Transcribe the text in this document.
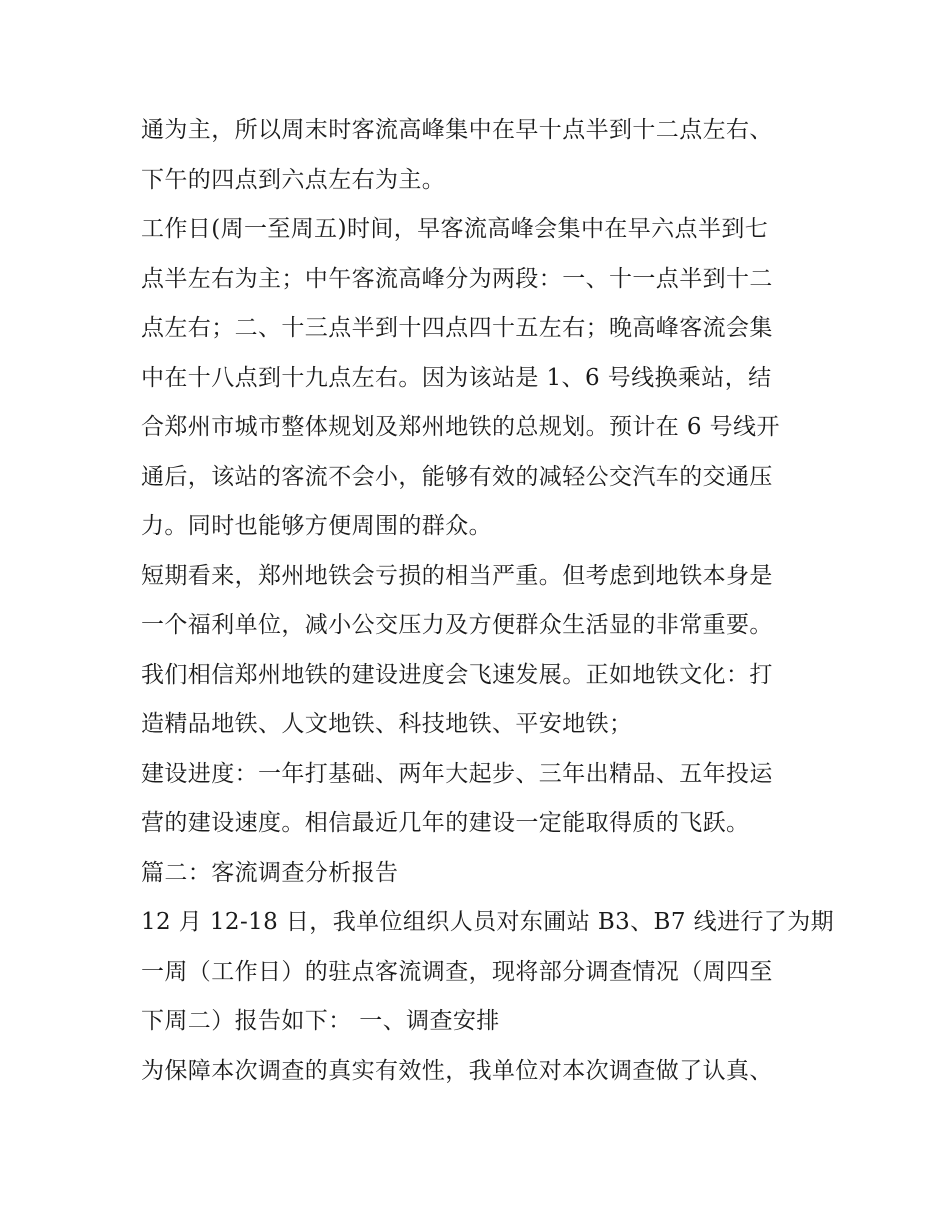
通为主，所以周末时客流高峰集中在早十点半到十二点左右、
下午的四点到六点左右为主。
工作日(周一至周五)时间，早客流高峰会集中在早六点半到七
点半左右为主；中午客流高峰分为两段：一、十一点半到十二
点左右；二、十三点半到十四点四十五左右；晚高峰客流会集
中在十八点到十九点左右。因为该站是 1、6 号线换乘站，结
合郑州市城市整体规划及郑州地铁的总规划。预计在 6 号线开
通后，该站的客流不会小，能够有效的减轻公交汽车的交通压
力。同时也能够方便周围的群众。
短期看来，郑州地铁会亏损的相当严重。但考虑到地铁本身是
一个福利单位，减小公交压力及方便群众生活显的非常重要。
我们相信郑州地铁的建设进度会飞速发展。正如地铁文化：打
造精品地铁、人文地铁、科技地铁、平安地铁；
建设进度：一年打基础、两年大起步、三年出精品、五年投运
营的建设速度。相信最近几年的建设一定能取得质的飞跃。
篇二：客流调查分析报告
12 月 12-18 日，我单位组织人员对东圃站 B3、B7 线进行了为期
一周（工作日）的驻点客流调查，现将部分调查情况（周四至
下周二）报告如下： 一、调查安排
为保障本次调查的真实有效性，我单位对本次调查做了认真、
